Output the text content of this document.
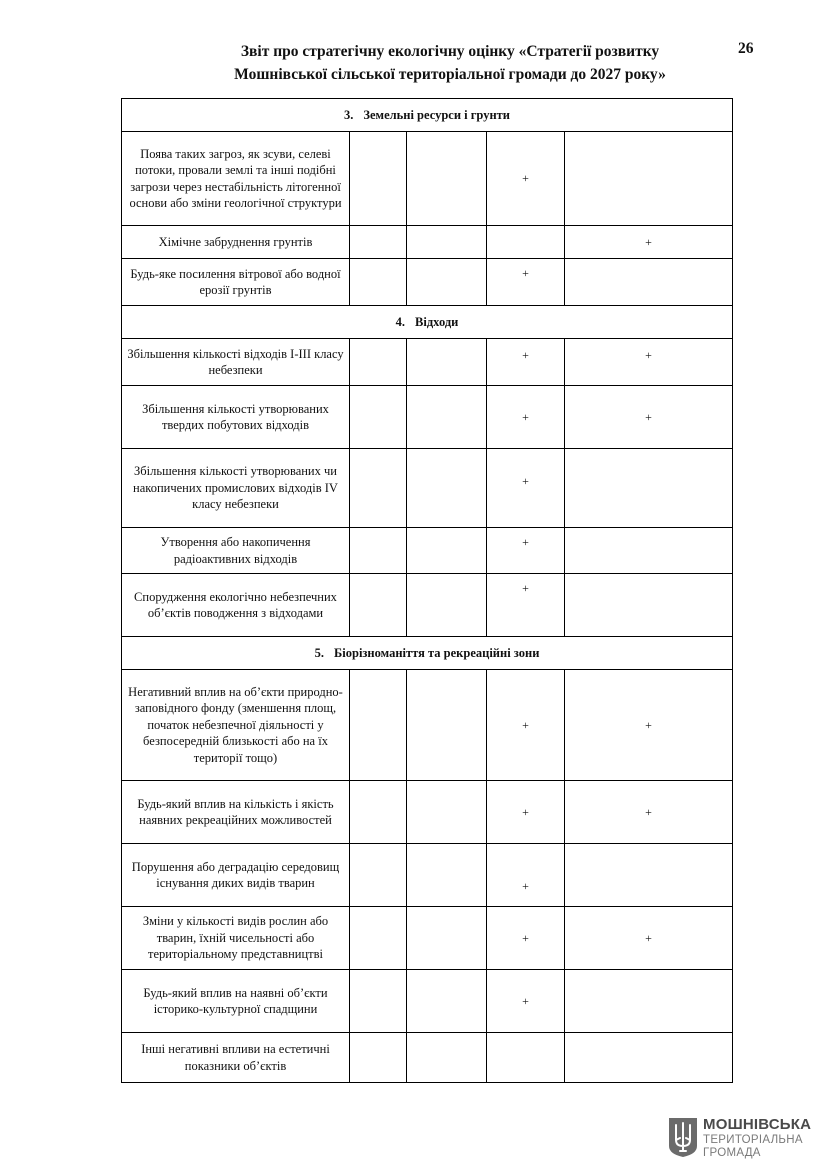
Звіт про стратегічну екологічну оцінку «Стратегії розвитку
Мошнівської сільської територіальної громади до 2027 року»
26
3. Земельні ресурси і грунти				
Поява таких загроз, як зсуви, селеві потоки, провали землі та інші подібні загрози через нестабільність літогенної основи або зміни геологічної структури			+	
Хімічне забруднення грунтів				+
Будь-яке посилення вітрової або водної ерозії грунтів			+	
4. Відходи				
Збільшення кількості відходів I-III класу небезпеки			+	+
Збільшення кількості утворюваних твердих побутових відходів			+	+
Збільшення кількості утворюваних чи накопичених промислових відходів IV класу небезпеки			+	
Утворення або накопичення радіоактивних відходів			+	
Спорудження екологічно небезпечних об’єктів поводження з відходами			+	
5. Біорізноманіття та рекреаційні зони				
Негативний вплив на об’єкти природно-заповідного фонду (зменшення площ, початок небезпечної діяльності у безпосередній близькості або на їх території тощо)			+	+
Будь-який вплив на кількість і якість наявних рекреаційних можливостей			+	+
Порушення або деградацію середовищ існування диких видів тварин			+	
Зміни у кількості видів рослин або тварин, їхній чисельності або територіальному представництві			+	+
Будь-який вплив на наявні об’єкти історико-культурної спадщини			+	
Інші негативні впливи на естетичні показники об’єктів				
МОШНІВСЬКА
ТЕРИТОРІАЛЬНА
ГРОМАДА
